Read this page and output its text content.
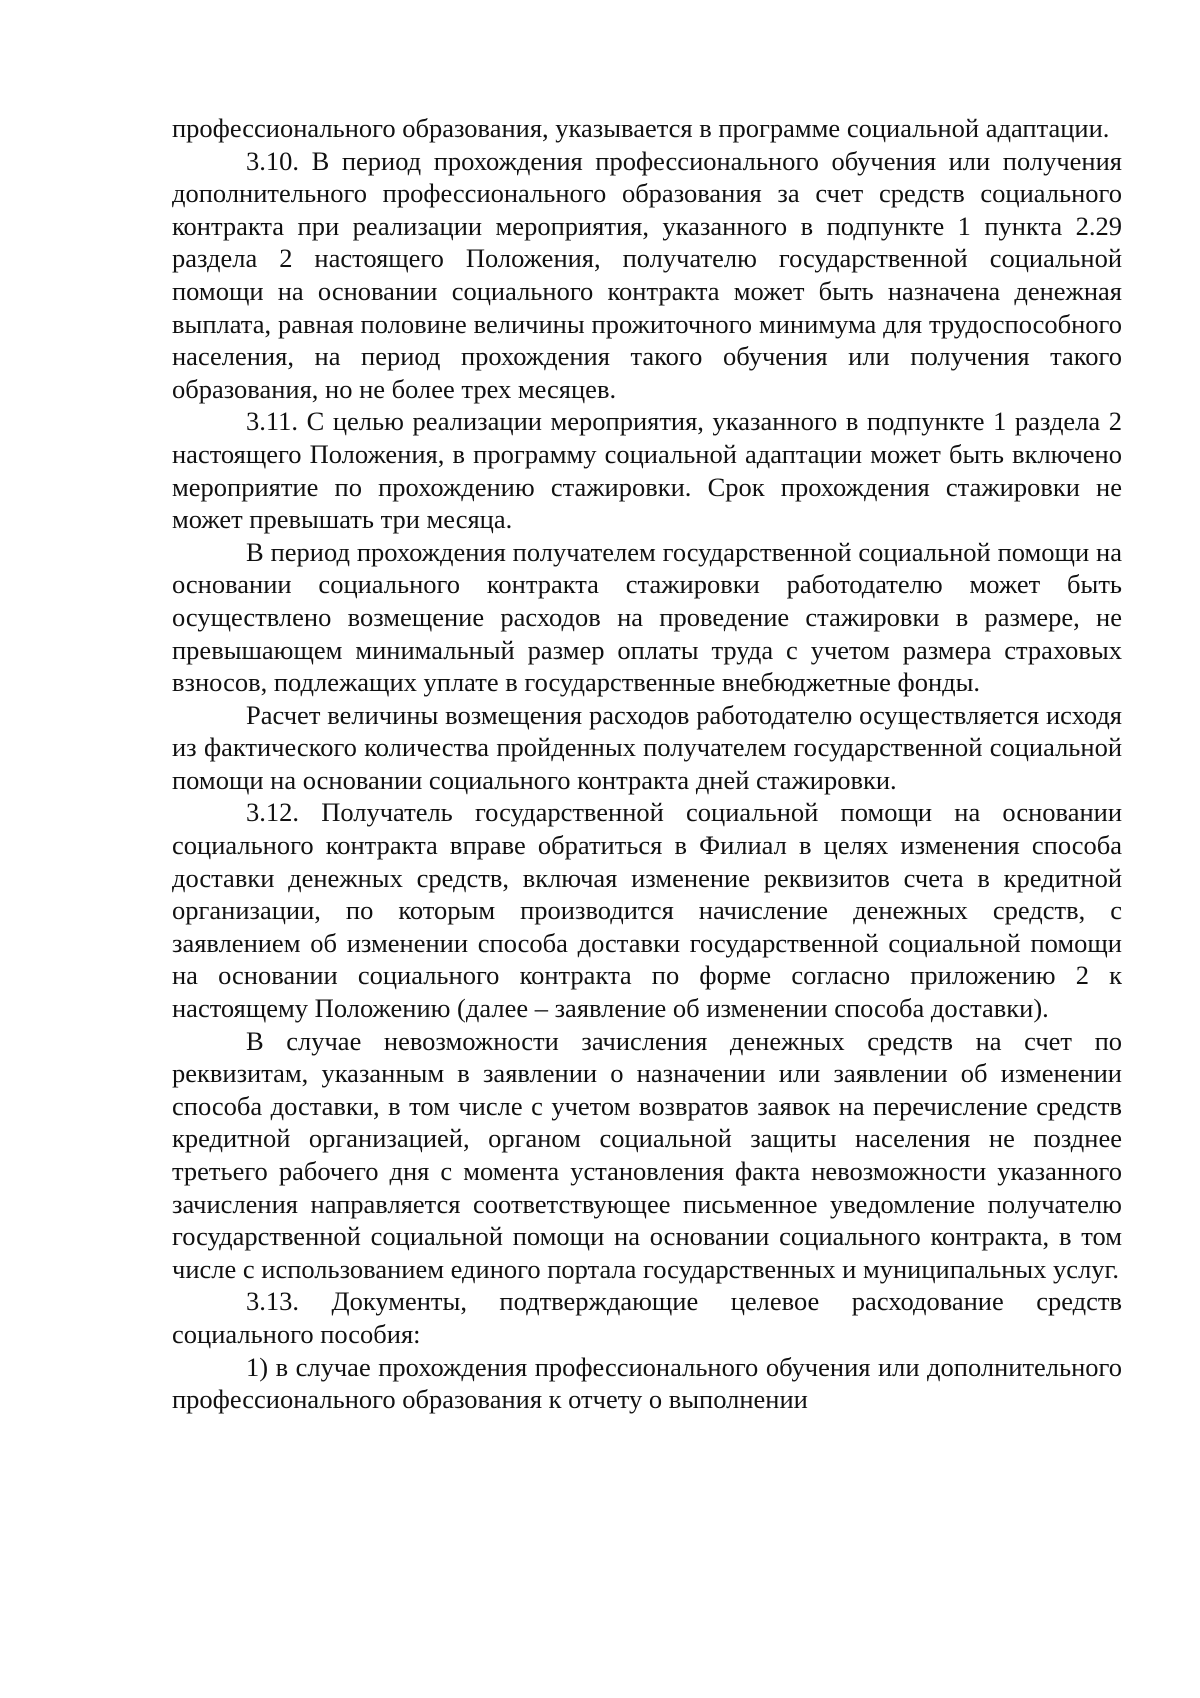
профессионального образования, указывается в программе социальной адаптации.

3.10. В период прохождения профессионального обучения или получения дополнительного профессионального образования за счет средств социального контракта при реализации мероприятия, указанного в подпункте 1 пункта 2.29 раздела 2 настоящего Положения, получателю государственной социальной помощи на основании социального контракта может быть назначена денежная выплата, равная половине величины прожиточного минимума для трудоспособного населения, на период прохождения такого обучения или получения такого образования, но не более трех месяцев.

3.11. С целью реализации мероприятия, указанного в подпункте 1 раздела 2 настоящего Положения, в программу социальной адаптации может быть включено мероприятие по прохождению стажировки. Срок прохождения стажировки не может превышать три месяца.

В период прохождения получателем государственной социальной помощи на основании социального контракта стажировки работодателю может быть осуществлено возмещение расходов на проведение стажировки в размере, не превышающем минимальный размер оплаты труда с учетом размера страховых взносов, подлежащих уплате в государственные внебюджетные фонды.

Расчет величины возмещения расходов работодателю осуществляется исходя из фактического количества пройденных получателем государственной социальной помощи на основании социального контракта дней стажировки.

3.12. Получатель государственной социальной помощи на основании социального контракта вправе обратиться в Филиал в целях изменения способа доставки денежных средств, включая изменение реквизитов счета в кредитной организации, по которым производится начисление денежных средств, с заявлением об изменении способа доставки государственной социальной помощи на основании социального контракта по форме согласно приложению 2 к настоящему Положению (далее – заявление об изменении способа доставки).

В случае невозможности зачисления денежных средств на счет по реквизитам, указанным в заявлении о назначении или заявлении об изменении способа доставки, в том числе с учетом возвратов заявок на перечисление средств кредитной организацией, органом социальной защиты населения не позднее третьего рабочего дня с момента установления факта невозможности указанного зачисления направляется соответствующее письменное уведомление получателю государственной социальной помощи на основании социального контракта, в том числе с использованием единого портала государственных и муниципальных услуг.

3.13. Документы, подтверждающие целевое расходование средств социального пособия:

1) в случае прохождения профессионального обучения или дополнительного профессионального образования к отчету о выполнении
